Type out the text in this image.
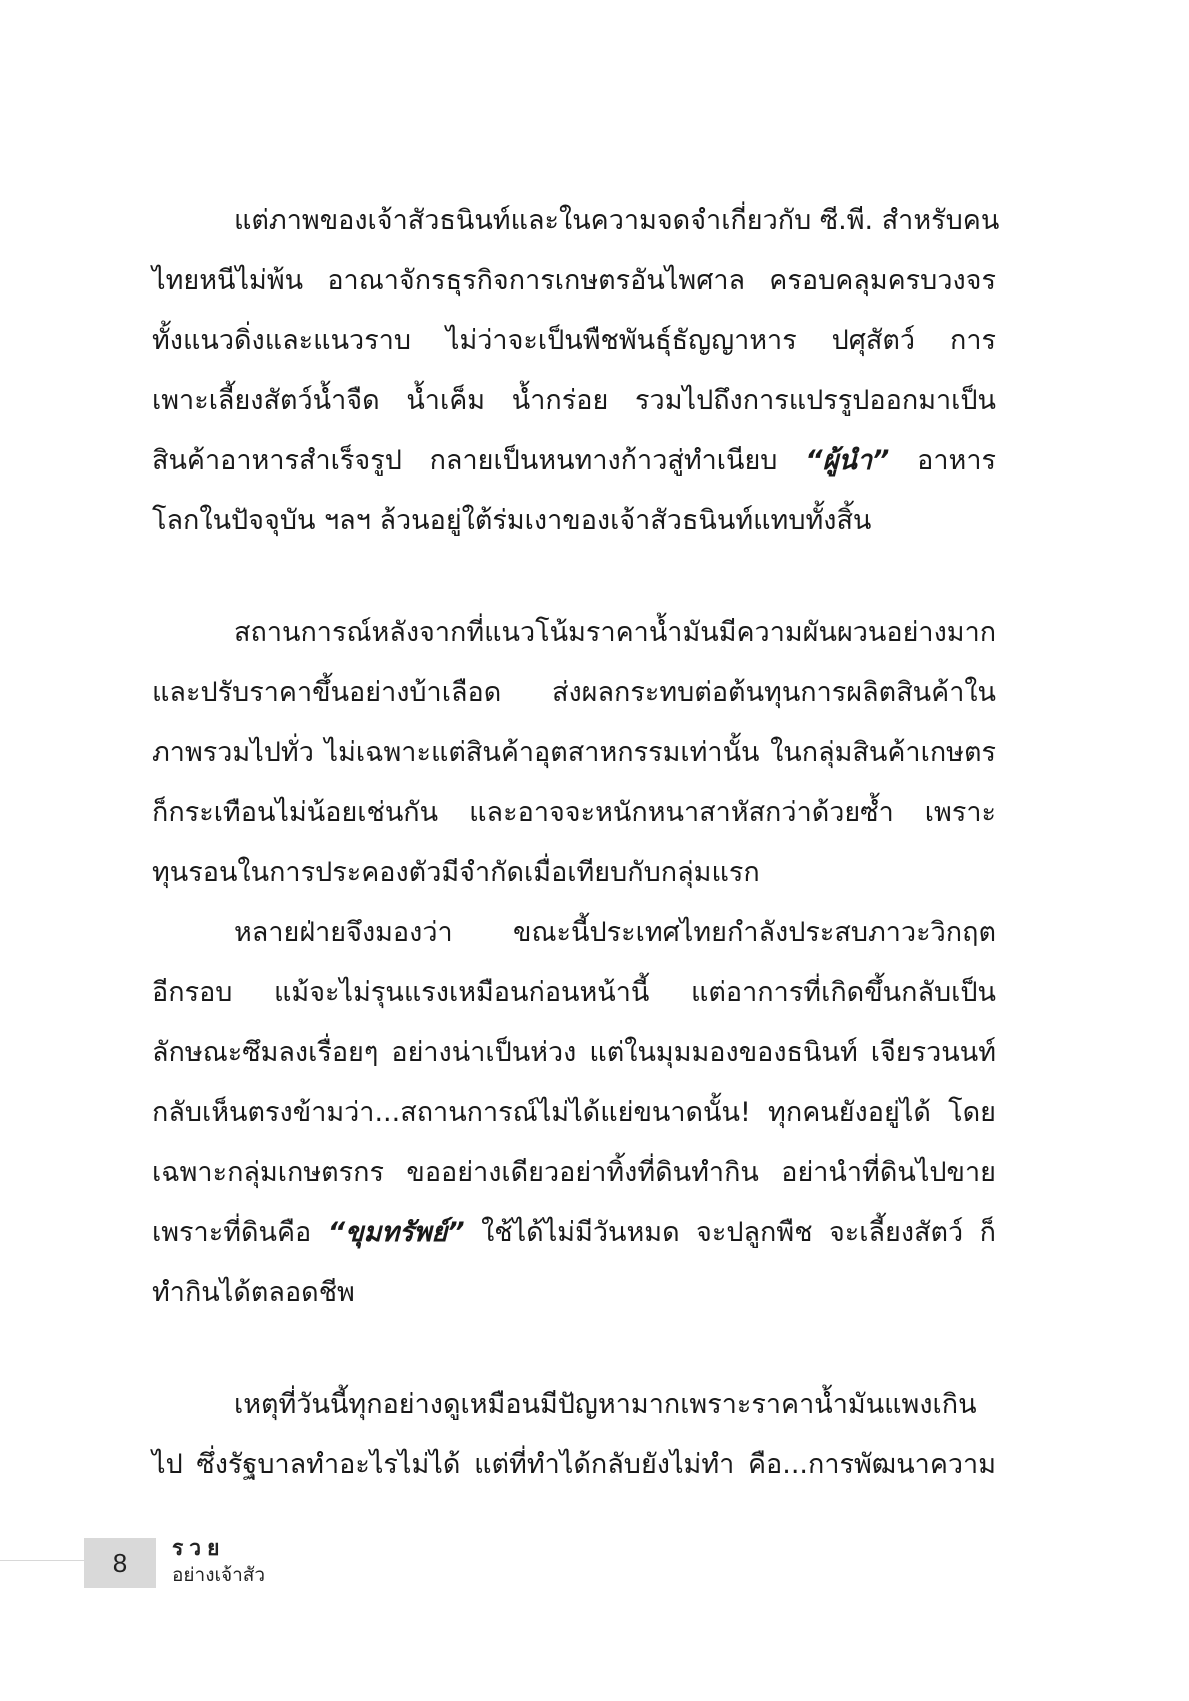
แต่ภาพของเจ้าสัวธนินท์และในความจดจำเกี่ยวกับ ซี.พี. สำหรับคน
ไทยหนีไม่พ้น อาณาจักรธุรกิจการเกษตรอันไพศาล ครอบคลุมครบวงจร
ทั้งแนวดิ่งและแนวราบ ไม่ว่าจะเป็นพืชพันธุ์ธัญญาหาร ปศุสัตว์ การ
เพาะเลี้ยงสัตว์น้ำจืด น้ำเค็ม น้ำกร่อย รวมไปถึงการแปรรูปออกมาเป็น
สินค้าอาหารสำเร็จรูป กลายเป็นหนทางก้าวสู่ทำเนียบ “ผู้นำ” อาหาร
โลกในปัจจุบัน ฯลฯ ล้วนอยู่ใต้ร่มเงาของเจ้าสัวธนินท์แทบทั้งสิ้น
สถานการณ์หลังจากที่แนวโน้มราคาน้ำมันมีความผันผวนอย่างมาก
และปรับราคาขึ้นอย่างบ้าเลือด ส่งผลกระทบต่อต้นทุนการผลิตสินค้าใน
ภาพรวมไปทั่ว ไม่เฉพาะแต่สินค้าอุตสาหกรรมเท่านั้น ในกลุ่มสินค้าเกษตร
ก็กระเทือนไม่น้อยเช่นกัน และอาจจะหนักหนาสาหัสกว่าด้วยซ้ำ เพราะ
ทุนรอนในการประคองตัวมีจำกัดเมื่อเทียบกับกลุ่มแรก
หลายฝ่ายจึงมองว่า ขณะนี้ประเทศไทยกำลังประสบภาวะวิกฤต
อีกรอบ แม้จะไม่รุนแรงเหมือนก่อนหน้านี้ แต่อาการที่เกิดขึ้นกลับเป็น
ลักษณะซึมลงเรื่อยๆ อย่างน่าเป็นห่วง แต่ในมุมมองของธนินท์ เจียรวนนท์
กลับเห็นตรงข้ามว่า...สถานการณ์ไม่ได้แย่ขนาดนั้น! ทุกคนยังอยู่ได้ โดย
เฉพาะกลุ่มเกษตรกร ขออย่างเดียวอย่าทิ้งที่ดินทำกิน อย่านำที่ดินไปขาย
เพราะที่ดินคือ “ขุมทรัพย์” ใช้ได้ไม่มีวันหมด จะปลูกพืช จะเลี้ยงสัตว์ ก็
ทำกินได้ตลอดชีพ
เหตุที่วันนี้ทุกอย่างดูเหมือนมีปัญหามากเพราะราคาน้ำมันแพงเกิน
ไป ซึ่งรัฐบาลทำอะไรไม่ได้ แต่ที่ทำได้กลับยังไม่ทำ คือ...การพัฒนาความ
8 รวย
อย่างเจ้าสัว
